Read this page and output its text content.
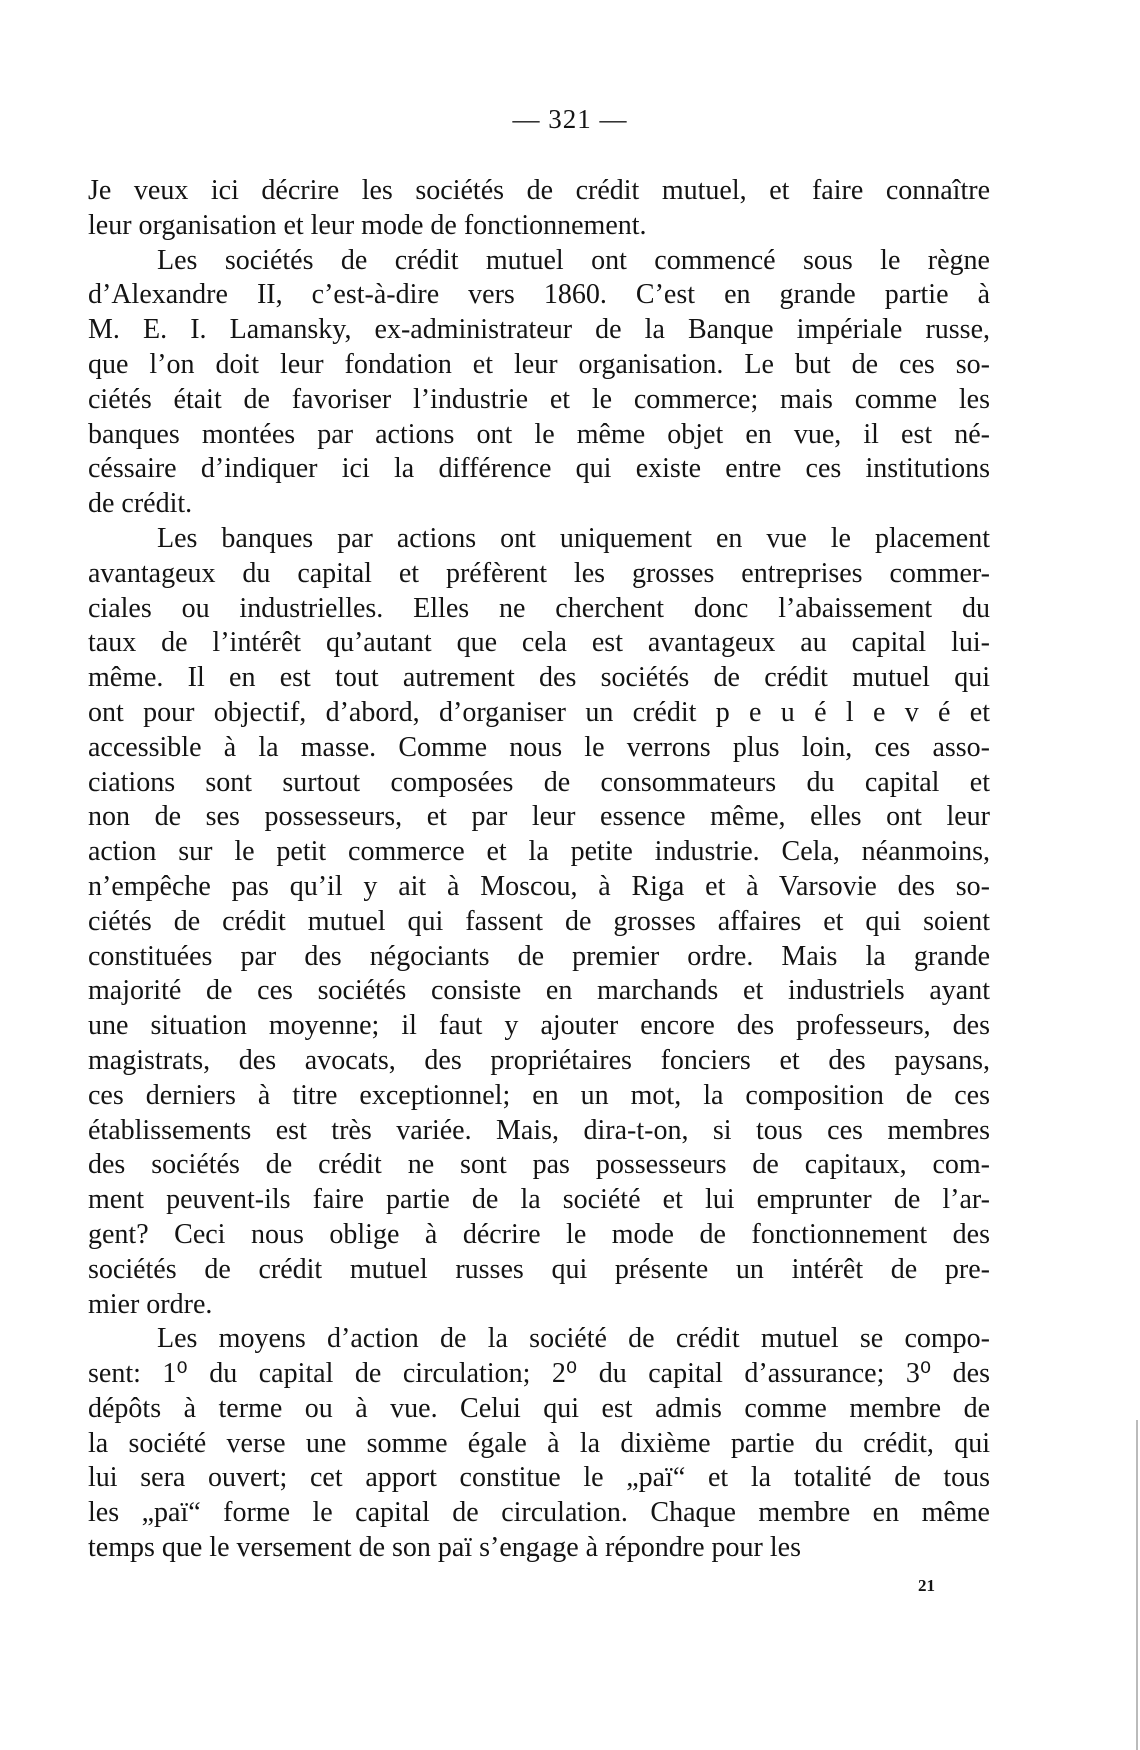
— 321 —
Je veux ici décrire les sociétés de crédit mutuel, et faire connaître
leur organisation et leur mode de fonctionnement.
Les sociétés de crédit mutuel ont commencé sous le règne
d’Alexandre II, c’est-à-dire vers 1860. C’est en grande partie à
M. E. I. Lamansky, ex-administrateur de la Banque impériale russe,
que l’on doit leur fondation et leur organisation. Le but de ces so-
ciétés était de favoriser l’industrie et le commerce; mais comme les
banques montées par actions ont le même objet en vue, il est né-
céssaire d’indiquer ici la différence qui existe entre ces institutions
de crédit.
Les banques par actions ont uniquement en vue le placement
avantageux du capital et préfèrent les grosses entreprises commer-
ciales ou industrielles. Elles ne cherchent donc l’abaissement du
taux de l’intérêt qu’autant que cela est avantageux au capital lui-
même. Il en est tout autrement des sociétés de crédit mutuel qui
ont pour objectif, d’abord, d’organiser un crédit p e u é l e v é et
accessible à la masse. Comme nous le verrons plus loin, ces asso-
ciations sont surtout composées de consommateurs du capital et
non de ses possesseurs, et par leur essence même, elles ont leur
action sur le petit commerce et la petite industrie. Cela, néanmoins,
n’empêche pas qu’il y ait à Moscou, à Riga et à Varsovie des so-
ciétés de crédit mutuel qui fassent de grosses affaires et qui soient
constituées par des négociants de premier ordre. Mais la grande
majorité de ces sociétés consiste en marchands et industriels ayant
une situation moyenne; il faut y ajouter encore des professeurs, des
magistrats, des avocats, des propriétaires fonciers et des paysans,
ces derniers à titre exceptionnel; en un mot, la composition de ces
établissements est très variée. Mais, dira-t-on, si tous ces membres
des sociétés de crédit ne sont pas possesseurs de capitaux, com-
ment peuvent-ils faire partie de la société et lui emprunter de l’ar-
gent? Ceci nous oblige à décrire le mode de fonctionnement des
sociétés de crédit mutuel russes qui présente un intérêt de pre-
mier ordre.
Les moyens d’action de la société de crédit mutuel se compo-
sent: 1⁰ du capital de circulation; 2⁰ du capital d’assurance; 3⁰ des
dépôts à terme ou à vue. Celui qui est admis comme membre de
la société verse une somme égale à la dixième partie du crédit, qui
lui sera ouvert; cet apport constitue le „paï“ et la totalité de tous
les „paï“ forme le capital de circulation. Chaque membre en même
temps que le versement de son paï s’engage à répondre pour les
21
